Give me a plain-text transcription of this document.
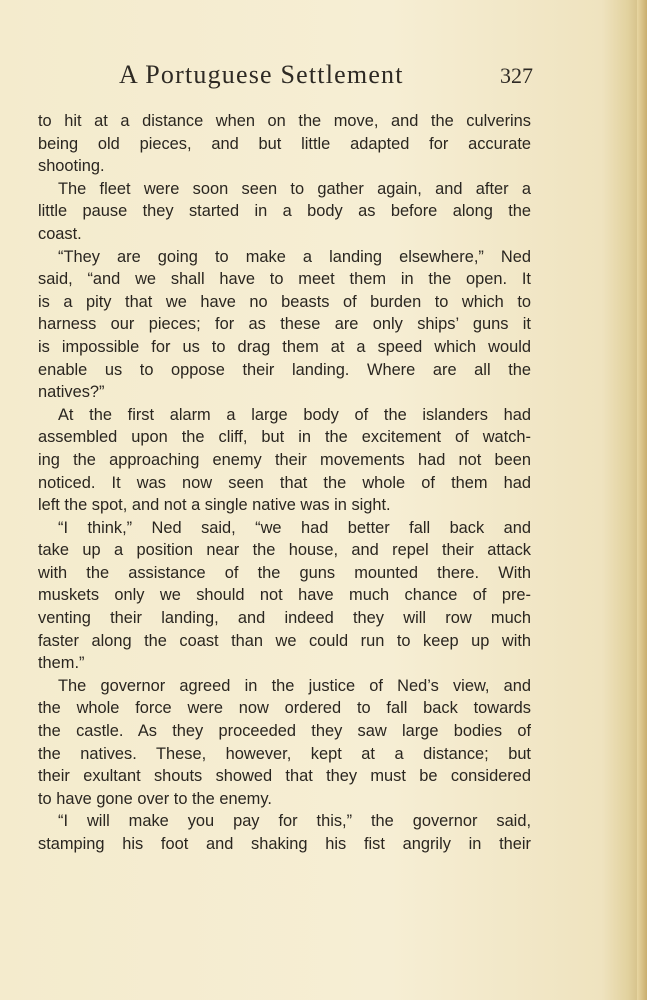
A Portuguese Settlement	327
to hit at a distance when on the move, and the culverins
being old pieces, and but little adapted for accurate
shooting.
The fleet were soon seen to gather again, and after a
little pause they started in a body as before along the
coast.
“They are going to make a landing elsewhere,” Ned
said, “and we shall have to meet them in the open. It
is a pity that we have no beasts of burden to which to
harness our pieces; for as these are only ships’ guns it
is impossible for us to drag them at a speed which would
enable us to oppose their landing. Where are all the
natives?”
At the first alarm a large body of the islanders had
assembled upon the cliff, but in the excitement of watch-
ing the approaching enemy their movements had not been
noticed. It was now seen that the whole of them had
left the spot, and not a single native was in sight.
“I think,” Ned said, “we had better fall back and
take up a position near the house, and repel their attack
with the assistance of the guns mounted there. With
muskets only we should not have much chance of pre-
venting their landing, and indeed they will row much
faster along the coast than we could run to keep up with
them.”
The governor agreed in the justice of Ned’s view, and
the whole force were now ordered to fall back towards
the castle. As they proceeded they saw large bodies of
the natives. These, however, kept at a distance; but
their exultant shouts showed that they must be considered
to have gone over to the enemy.
“I will make you pay for this,” the governor said,
stamping his foot and shaking his fist angrily in their
